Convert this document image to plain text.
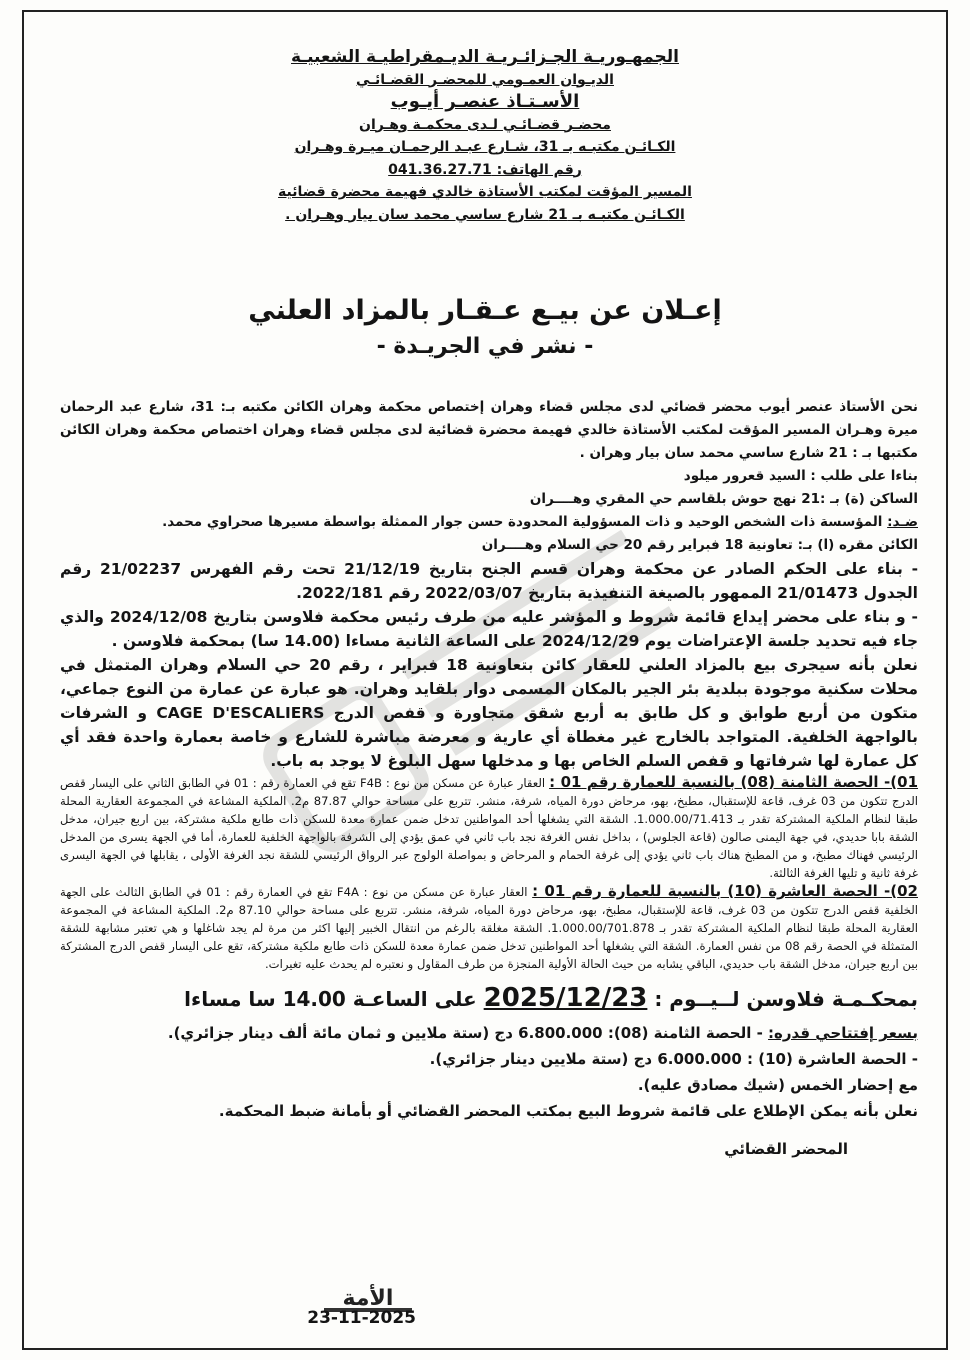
الجمهـوريـة الجـزائـريـة الديـمقراطيـة الشعبيـة
الديـوان العمـومي للمحضـر القضـائـي
الأسـتـاذ عنصـر أيـوب
محضـر قضـائـي لـدى محكمـة وهـران
الكـائـن مكتبـه بـ 31، شـارع عبـد الرحمـان ميـرة وهـران
رقم الهاتف: 041.36.27.71
المسير المؤقت لمكتب الأستاذة خالدي فهيمة محضرة قضائية
الكـائـن مكتبـه بـ 21 شارع ساسي محمد سان بيار وهـران .
إعـلان عن بيـع عـقـار بالمزاد العلني
- نشر في الجريـدة -

نحن الأستاذ عنصر أيوب محضر قضائي لدى مجلس قضاء وهران إختصاص محكمة وهران الكائن مكتبه بـ: 31، شارع عبد الرحمان ميرة وهـران المسير المؤقت لمكتب الأستاذة خالدي فهيمة محضرة قضائية لدى مجلس قضاء وهران اختصاص محكمة وهران الكائن مكتبها بـ : 21 شارع ساسي محمد سان بيار وهران .

بناءا على طلب : السيد قعرور ميلود

الساكن (ة) بـ :21 نهج حوش بلقاسم حي المقري وهــــران

ضـد: المؤسسة ذات الشخص الوحيد و ذات المسؤولية المحدودة حسن جوار الممثلة بواسطة مسيرها صحراوي محمد.

الكائن مقره (ا) بـ: تعاونية 18 فبراير رقم 20 حي السلام وهــــران

- بناء على الحكم الصادر عن محكمة وهران قسم الجنح بتاريخ 21/12/19 تحت رقم الفهرس 21/02237 رقم الجدول 21/01473 الممهور بالصيغة التنفيذية بتاريخ 2022/03/07 رقم 2022/181.

- و بناء على محضر إيداع قائمة شروط و المؤشر عليه من طرف رئيس محكمة فلاوسن بتاريخ 2024/12/08 والذي جاء فيه تحديد جلسة الإعتراضات يوم 2024/12/29 على الساعة الثانية مساءا (14.00 سا) بمحكمة فلاوسن .

نعلن بأنه سيجرى بيع بالمزاد العلني للعقار كائن بتعاونية 18 فبراير ، رقم 20 حي السلام وهران المتمثل في محلات سكنية موجودة ببلدية بئر الجير بالمكان المسمى دوار بلقايد وهران. هو عبارة عن عمارة من النوع جماعي، متكون من أربع طوابق و كل طابق به أربع شقق متجاورة و قفص الدرج CAGE D'ESCALIERS و الشرفات بالواجهة الخلفية. المتواجد بالخارج غير مغطاة أي عارية و معرضة مباشرة للشارع و خاصة بعمارة واحدة فقد أي كل عمارة لها شرفاتها و قفص السلم الخاص بها و مدخلها سهل البلوغ لا يوجد به باب.

01)- الحصة الثامنة (08) بالنسبة للعمارة رقم 01 : العقار عبارة عن مسكن من نوع : F4B تقع في العمارة رقم : 01 في الطابق الثاني على اليسار قفص الدرج تتكون من 03 غرف، قاعة للإستقبال، مطبخ، بهو، مرحاض دورة المياه، شرفة، منشر. تتربع على مساحة حوالي 87.87 م2. الملكية المشاعة في المجموعة العقارية المحلة طبقا لنظام الملكية المشتركة تقدر بـ 1.000.00/71.413. الشقة التي يشغلها أحد المواطنين تدخل ضمن عمارة معدة للسكن ذات طابع ملكية مشتركة، بين اربع جيران، مدخل الشقة بابا حديدي، في جهة اليمنى صالون (قاعة الجلوس) ، بداخل نفس الغرفة نجد باب ثاني في عمق يؤدي إلى الشرفة بالواجهة الخلفية للعمارة، أما في الجهة يسرى من المدخل الرئيسي فهناك مطبخ، و من المطبخ هناك باب ثاني يؤدي إلى غرفة الحمام و المرحاض و بمواصلة الولوج عبر الرواق الرئيسي للشقة نجد الغرفة الأولى ، يقابلها في الجهة اليسرى غرفة ثانية و تليها الغرفة الثالثة.

02)- الحصة العاشرة (10) بالنسبة للعمارة رقم 01 : العقار عبارة عن مسكن من نوع : F4A تقع في العمارة رقم : 01 في الطابق الثالث على الجهة الخلفية قفص الدرج تتكون من 03 غرف، قاعة للإستقبال، مطبخ، بهو، مرحاض دورة المياه، شرفة، منشر. تتربع على مساحة حوالي 87.10 م2. الملكية المشاعة في المجموعة العقارية المحلة طبقا لنظام الملكية المشتركة تقدر بـ 1.000.00/701.878. الشقة مغلقة بالرغم من انتقال الخبير إليها اكثر من مرة لم يجد شاغلها و هي تعتبر مشابهة للشقة المتمثلة في الحصة رقم 08 من نفس العمارة. الشقة التي يشغلها أحد المواطنين تدخل ضمن عمارة معدة للسكن ذات طابع ملكية مشتركة، تقع على اليسار قفص الدرج المشتركة بين اربع جيران، مدخل الشقة باب حديدي، الباقي يشابه من حيث الحالة الأولية المنجزة من طرف المقاول و نعتبره لم يحدث عليه تغيرات.

بمحكـمـة فلاوسن لــيــوم : 2025/12/23 على الساعـة 14.00 سا مساءا

بسعر إفتتاحي قدره: - الحصة الثامنة (08): 6.800.000 دج (ستة ملايين و ثمان مائة ألف دينار جزائري).

- الحصة العاشرة (10) : 6.000.000 دج (ستة ملايين دينار جزائري).

مع إحضار الخمس (شيك مصادق عليه).

نعلن بأنه يمكن الإطلاع على قائمة شروط البيع بمكتب المحضر القضائي أو بأمانة ضبط المحكمة.

المحضر القضائي

الأمة
23-11-2025
